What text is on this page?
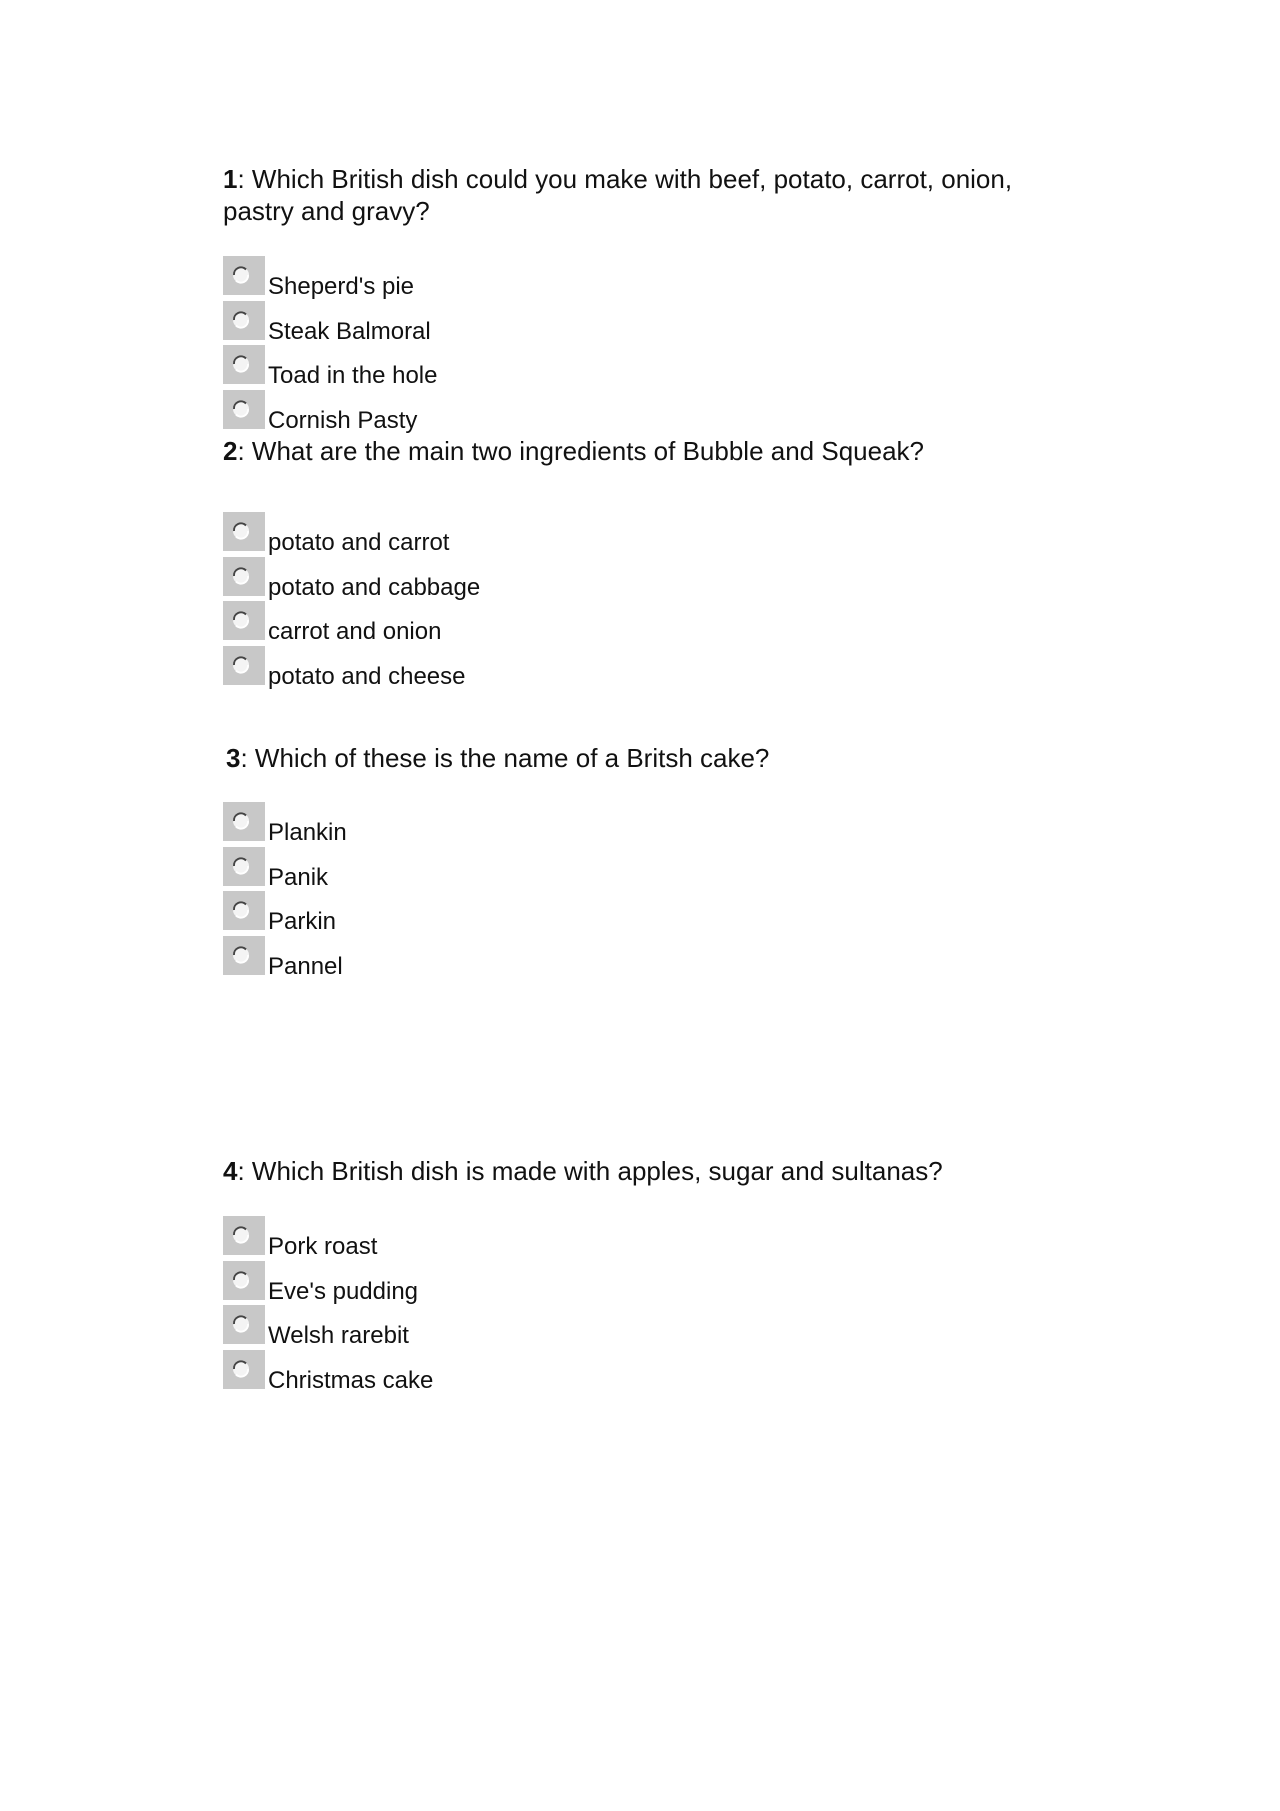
1: Which British dish could you make with beef, potato, carrot, onion, pastry and gravy?
Sheperd's pie
Steak Balmoral
Toad in the hole
Cornish Pasty
2: What are the main two ingredients of Bubble and Squeak?
potato and carrot
potato and cabbage
carrot and onion
potato and cheese
3: Which of these is the name of a Britsh cake?
Plankin
Panik
Parkin
Pannel
4: Which British dish is made with apples, sugar and sultanas?
Pork roast
Eve's pudding
Welsh rarebit
Christmas cake
